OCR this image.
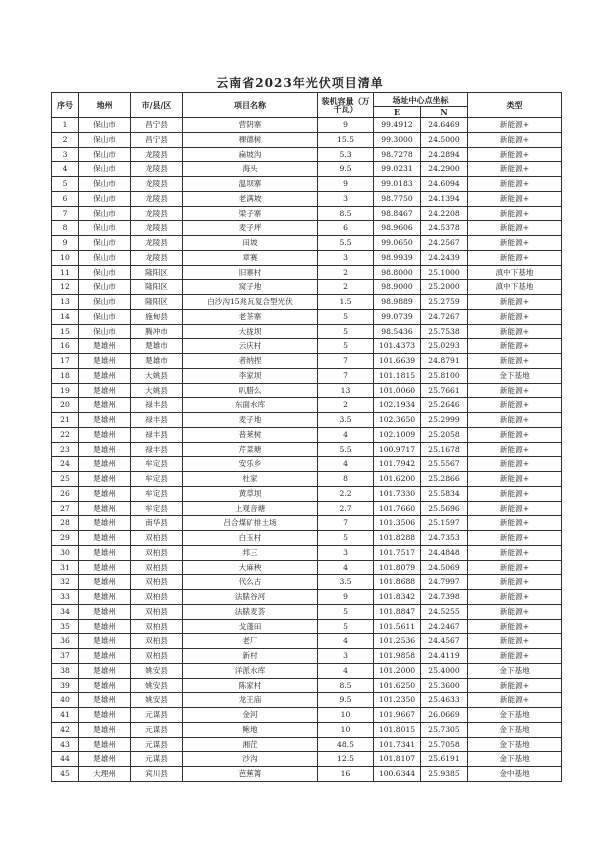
云南省2023年光伏项目清单
序号	地州	市/县/区	项目名称	装机容量（万千瓦）	场址中心点坐标		类型
					E	N	
1	保山市	昌宁县	营阴寨	9	99.4912	24.6469	新能源+
2	保山市	昌宁县	稞德树	15.5	99.3000	24.5000	新能源+
3	保山市	龙陵县	扁坡沟	5.3	98.7278	24.2894	新能源+
4	保山市	龙陵县	海头	9.5	99.0231	24.2900	新能源+
5	保山市	龙陵县	温坝寨	9	99.0183	24.6094	新能源+
6	保山市	龙陵县	老满坡	3	98.7750	24.1394	新能源+
7	保山市	龙陵县	梁子寨	8.5	98.8467	24.2208	新能源+
8	保山市	龙陵县	麦子坪	6	98.9606	24.5378	新能源+
9	保山市	龙陵县	田坡	5.5	99.0650	24.2567	新能源+
10	保山市	龙陵县	章赛	3	98.9939	24.2439	新能源+
11	保山市	隆阳区	旧寨村	2	98.8000	25.1000	滇中下基地
12	保山市	隆阳区	窝子地	2	98.9000	25.2000	滇中下基地
13	保山市	隆阳区	白沙沟15兆瓦复合型光伏	1.5	98.9889	25.2759	新能源+
14	保山市	施甸县	老茶寨	5	99.0739	24.7267	新能源+
15	保山市	腾冲市	大拢坝	5	98.5436	25.7538	新能源+
16	楚雄州	楚雄市	云庆村	5	101.4373	25.0293	新能源+
17	楚雄州	楚雄市	者纳捏	7	101.6639	24.8791	新能源+
18	楚雄州	大姚县	李家坝	7	101.1815	25.8100	金下基地
19	楚雄州	大姚县	叭腊么	13	101.0060	25.7661	新能源+
20	楚雄州	禄丰县	东面水库	2	102.1934	25.2646	新能源+
21	楚雄州	禄丰县	麦子地	3.5	102.3650	25.2999	新能源+
22	楚雄州	禄丰县	普莱树	4	102.1009	25.2058	新能源+
23	楚雄州	禄丰县	芹菜塘	5.5	100.9717	25.1678	新能源+
24	楚雄州	牟定县	安乐乡	4	101.7942	25.5567	新能源+
25	楚雄州	牟定县	杜家	8	101.6200	25.2866	新能源+
26	楚雄州	牟定县	黄草坝	2.2	101.7330	25.5834	新能源+
27	楚雄州	牟定县	上观音塘	2.7	101.7660	25.5696	新能源+
28	楚雄州	南华县	吕合煤矿排土场	7	101.3506	25.1597	新能源+
29	楚雄州	双柏县	白玉村	5	101.8288	24.7353	新能源+
30	楚雄州	双柏县	邦三	3	101.7517	24.4848	新能源+
31	楚雄州	双柏县	大麻秧	4	101.8079	24.5069	新能源+
32	楚雄州	双柏县	代么古	3.5	101.8688	24.7997	新能源+
33	楚雄州	双柏县	法脿谷河	9	101.8342	24.7398	新能源+
34	楚雄州	双柏县	法脿麦荟	5	101.8847	24.5255	新能源+
35	楚雄州	双柏县	戈蓬田	5	101.5611	24.2467	新能源+
36	楚雄州	双柏县	老厂	4	101.2536	24.4567	新能源+
37	楚雄州	双柏县	新村	3	101.9858	24.4119	新能源+
38	楚雄州	姚安县	洋派水库	4	101.2000	25.4000	金下基地
39	楚雄州	姚安县	陈家村	8.5	101.6250	25.3600	新能源+
40	楚雄州	姚安县	龙王庙	9.5	101.2350	25.4633	新能源+
41	楚雄州	元谋县	金河	10	101.9667	26.0669	金下基地
42	楚雄州	元谋县	鲍地	10	101.8015	25.7305	金下基地
43	楚雄州	元谋县	湘茳	48.5	101.7341	25.7058	金下基地
44	楚雄州	元谋县	沙沟	12.5	101.8107	25.6191	金下基地
45	大理州	宾川县	芭蕉箐	16	100.6344	25.9385	金中基地
